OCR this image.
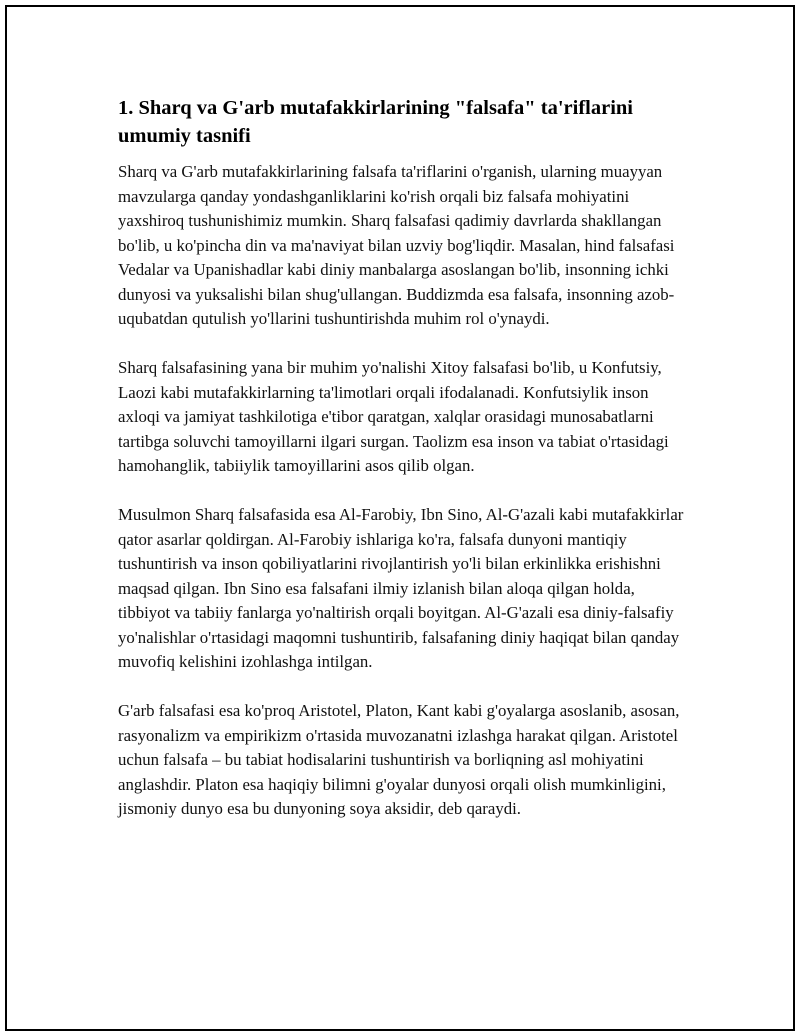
1. Sharq va G'arb mutafakkirlarining "falsafa" ta'riflarini umumiy tasnifi

Sharq va G'arb mutafakkirlarining falsafa ta'riflarini o'rganish, ularning muayyan mavzularga qanday yondashganliklarini ko'rish orqali biz falsafa mohiyatini yaxshiroq tushunishimiz mumkin. Sharq falsafasi qadimiy davrlarda shakllangan bo'lib, u ko'pincha din va ma'naviyat bilan uzviy bog'liqdir. Masalan, hind falsafasi Vedalar va Upanishadlar kabi diniy manbalarga asoslangan bo'lib, insonning ichki dunyosi va yuksalishi bilan shug'ullangan. Buddizmda esa falsafa, insonning azob-uqubatdan qutulish yo'llarini tushuntirishda muhim rol o'ynaydi.

Sharq falsafasining yana bir muhim yo'nalishi Xitoy falsafasi bo'lib, u Konfutsiy, Laozi kabi mutafakkirlarning ta'limotlari orqali ifodalanadi. Konfutsiylik inson axloqi va jamiyat tashkilotiga e'tibor qaratgan, xalqlar orasidagi munosabatlarni tartibga soluvchi tamoyillarni ilgari surgan. Taolizm esa inson va tabiat o'rtasidagi hamohanglik, tabiiylik tamoyillarini asos qilib olgan.

Musulmon Sharq falsafasida esa Al-Farobiy, Ibn Sino, Al-G'azali kabi mutafakkirlar qator asarlar qoldirgan. Al-Farobiy ishlariga ko'ra, falsafa dunyoni mantiqiy tushuntirish va inson qobiliyatlarini rivojlantirish yo'li bilan erkinlikka erishishni maqsad qilgan. Ibn Sino esa falsafani ilmiy izlanish bilan aloqa qilgan holda, tibbiyot va tabiiy fanlarga yo'naltirish orqali boyitgan. Al-G'azali esa diniy-falsafiy yo'nalishlar o'rtasidagi maqomni tushuntirib, falsafaning diniy haqiqat bilan qanday muvofiq kelishini izohlashga intilgan.

G'arb falsafasi esa ko'proq Aristotel, Platon, Kant kabi g'oyalarga asoslanib, asosan, rasyonalizm va empirikizm o'rtasida muvozanatni izlashga harakat qilgan. Aristotel uchun falsafa – bu tabiat hodisalarini tushuntirish va borliqning asl mohiyatini anglashdir. Platon esa haqiqiy bilimni g'oyalar dunyosi orqali olish mumkinligini, jismoniy dunyo esa bu dunyoning soya aksidir, deb qaraydi.
